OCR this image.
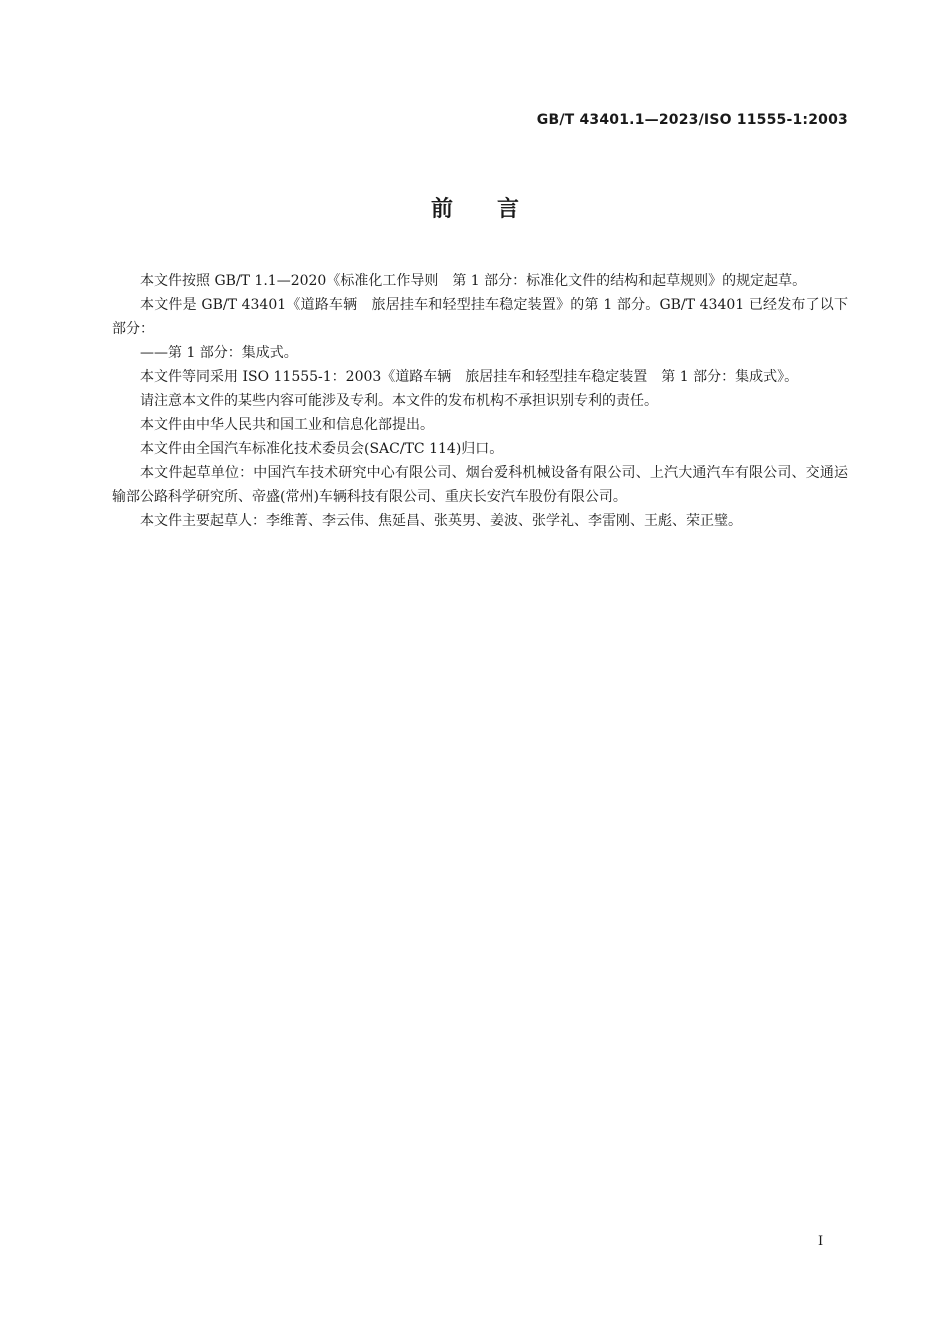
GB/T 43401.1—2023/ISO 11555-1:2003
前言

本文件按照 GB/T 1.1—2020《标准化工作导则　第 1 部分：标准化文件的结构和起草规则》的规定起草。

本文件是 GB/T 43401《道路车辆　旅居挂车和轻型挂车稳定装置》的第 1 部分。GB/T 43401 已经发布了以下部分：

——第 1 部分：集成式。

本文件等同采用 ISO 11555-1：2003《道路车辆　旅居挂车和轻型挂车稳定装置　第 1 部分：集成式》。

请注意本文件的某些内容可能涉及专利。本文件的发布机构不承担识别专利的责任。

本文件由中华人民共和国工业和信息化部提出。

本文件由全国汽车标准化技术委员会(SAC/TC 114)归口。

本文件起草单位：中国汽车技术研究中心有限公司、烟台爱科机械设备有限公司、上汽大通汽车有限公司、交通运输部公路科学研究所、帝盛(常州)车辆科技有限公司、重庆长安汽车股份有限公司。

本文件主要起草人：李维菁、李云伟、焦延昌、张英男、姜波、张学礼、李雷刚、王彪、荣正璧。

I
